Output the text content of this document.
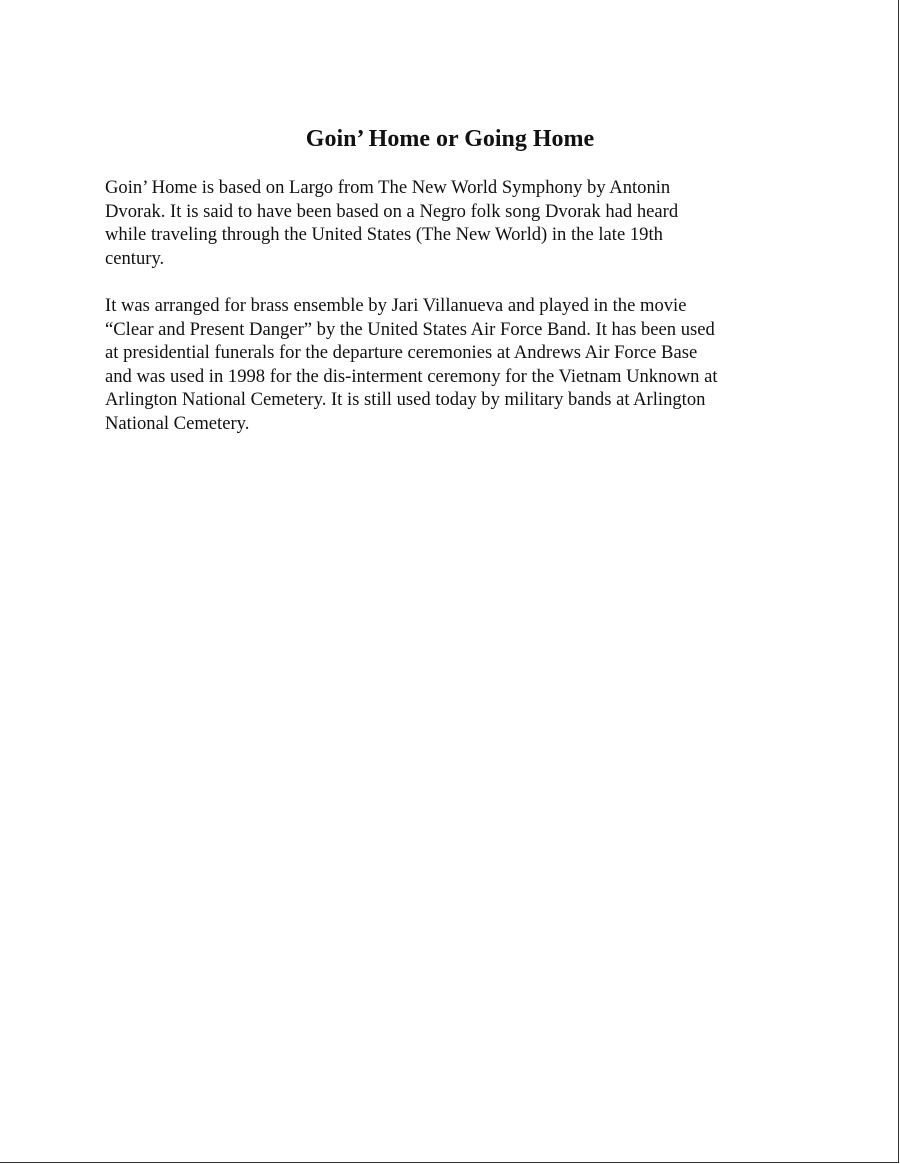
Goin’ Home or Going Home

Goin’ Home is based on Largo from The New World Symphony by Antonin
Dvorak. It is said to have been based on a Negro folk song Dvorak had heard
while traveling through the United States (The New World) in the late 19th
century.

It was arranged for brass ensemble by Jari Villanueva and played in the movie
“Clear and Present Danger” by the United States Air Force Band. It has been used
at presidential funerals for the departure ceremonies at Andrews Air Force Base
and was used in 1998 for the dis-interment ceremony for the Vietnam Unknown at
Arlington National Cemetery. It is still used today by military bands at Arlington
National Cemetery.
